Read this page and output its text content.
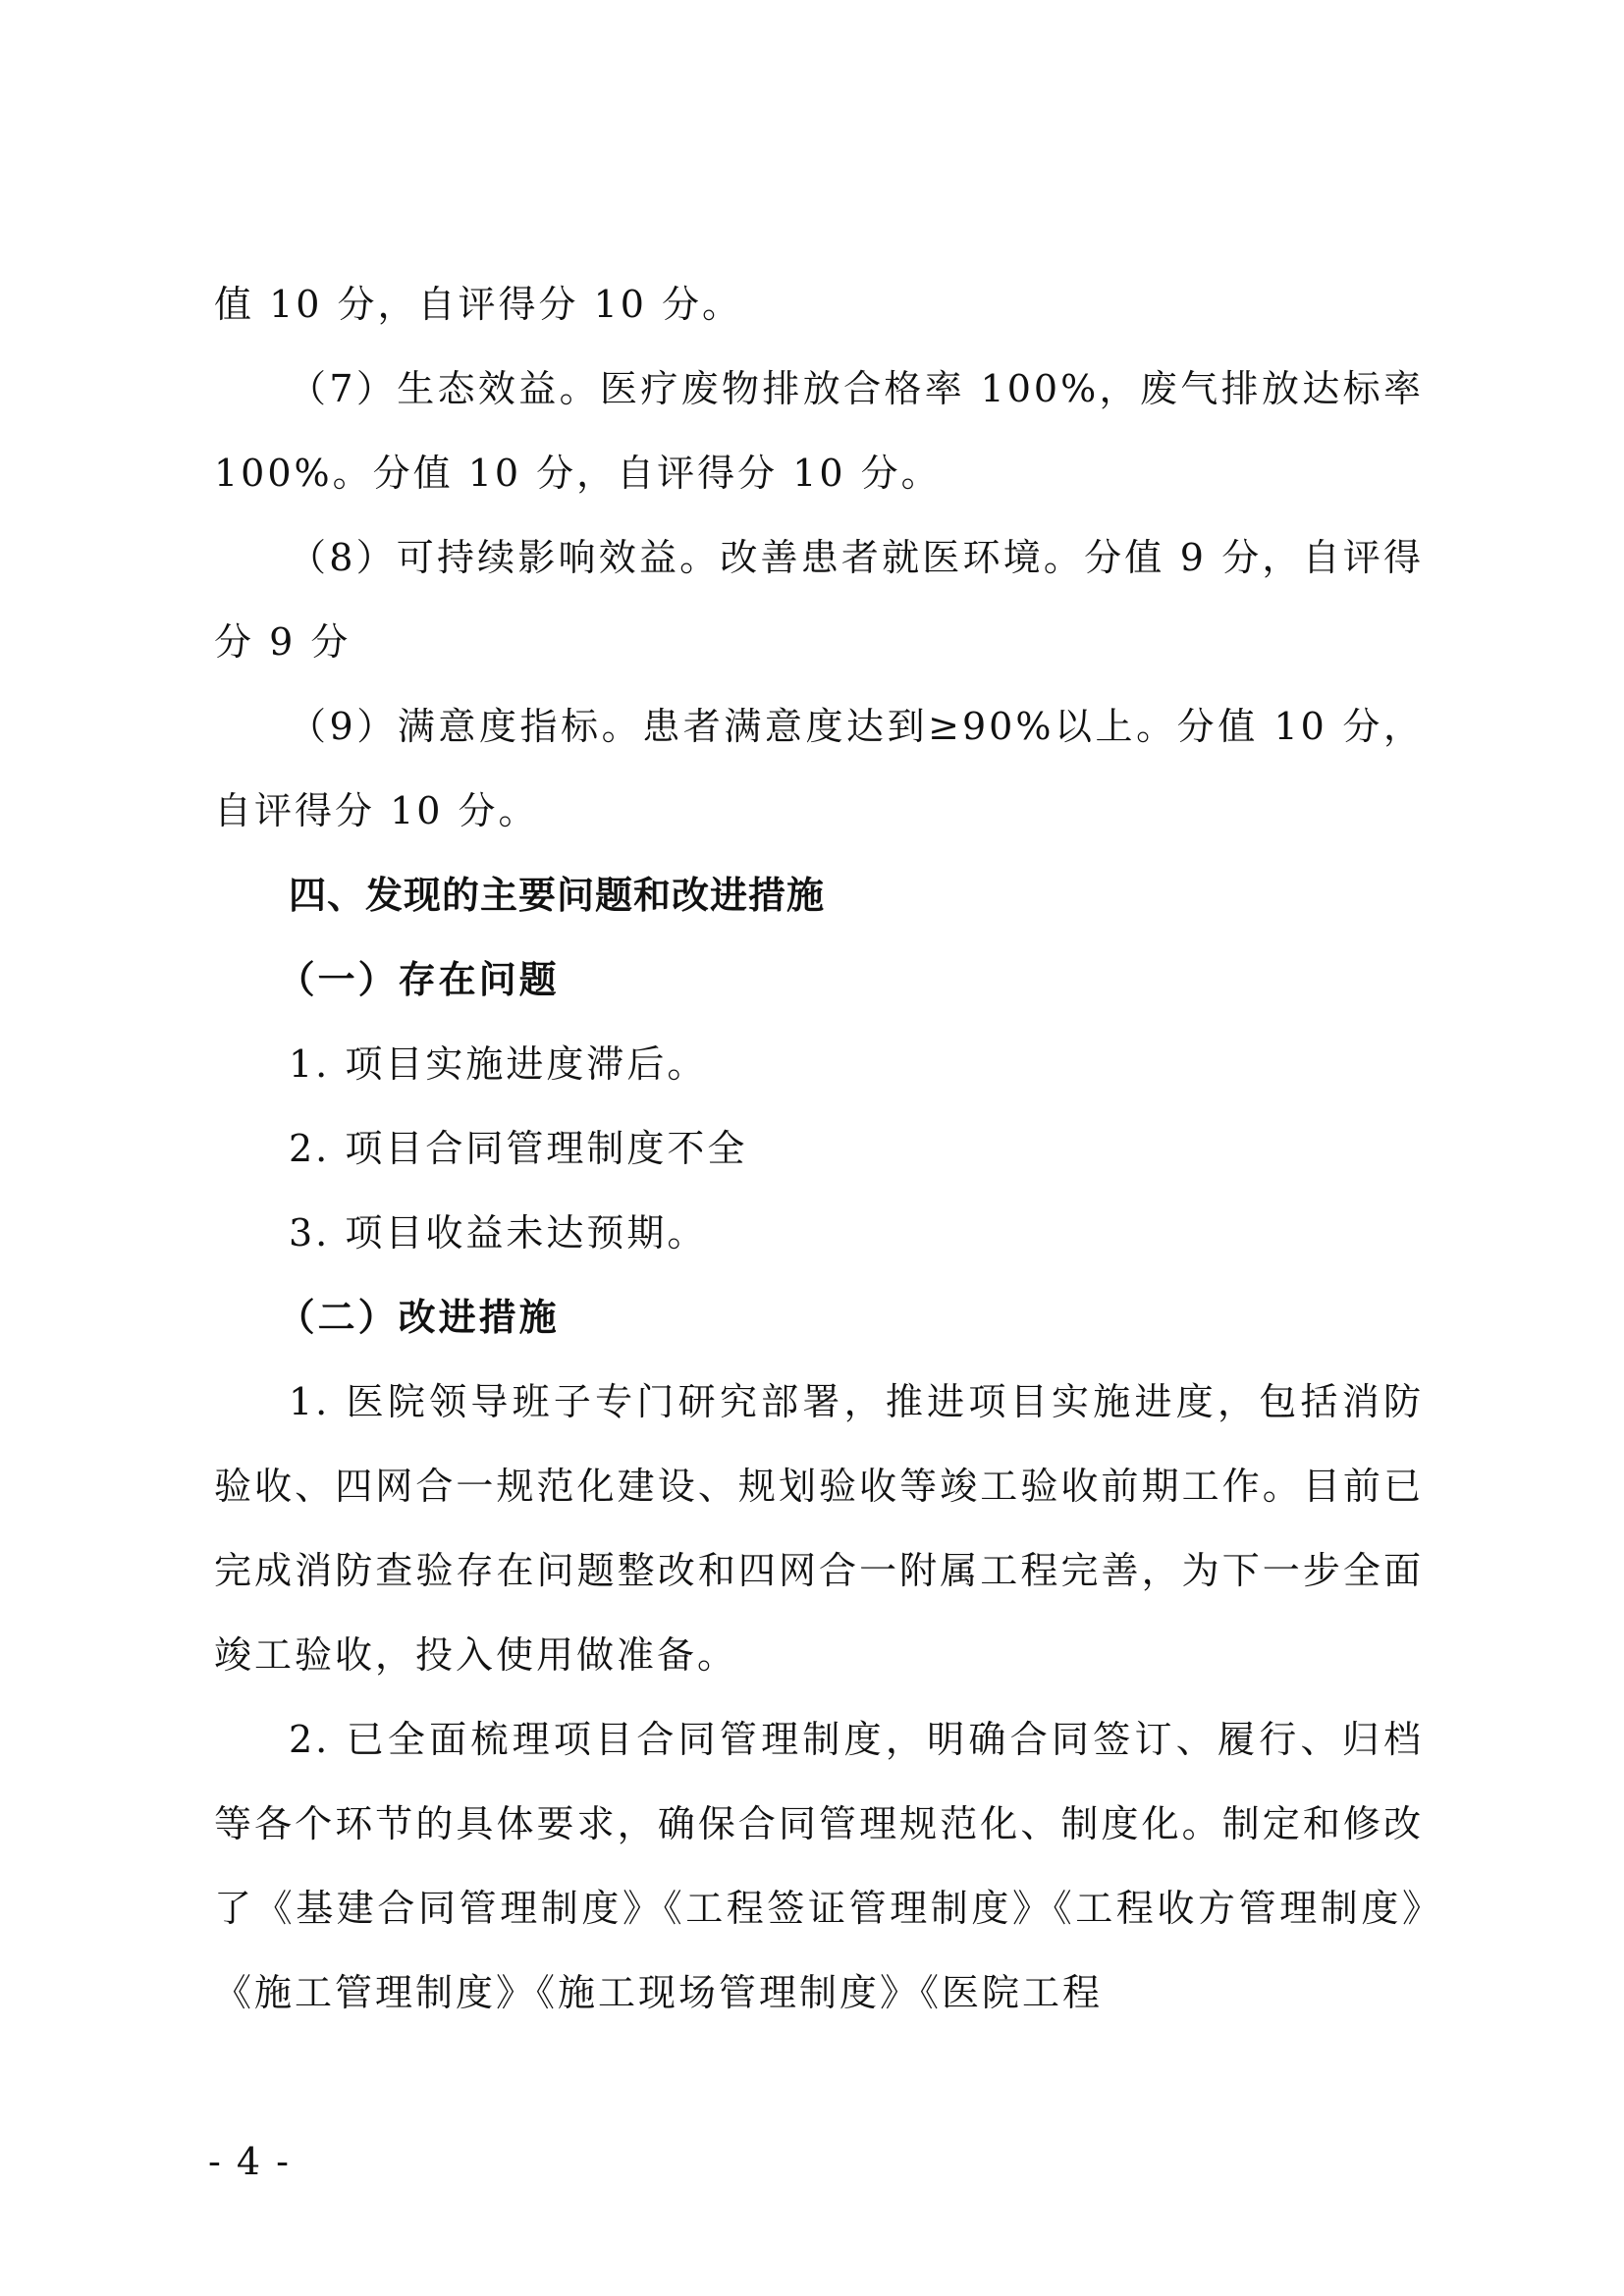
值 10 分，自评得分 10 分。

（7）生态效益。医疗废物排放合格率 100%，废气排放达标率 100%。分值 10 分，自评得分 10 分。

（8）可持续影响效益。改善患者就医环境。分值 9 分，自评得分 9 分

（9）满意度指标。患者满意度达到≥90%以上。分值 10 分，自评得分 10 分。

四、发现的主要问题和改进措施

（一）存在问题

1. 项目实施进度滞后。

2. 项目合同管理制度不全

3. 项目收益未达预期。

（二）改进措施

1. 医院领导班子专门研究部署，推进项目实施进度，包括消防验收、四网合一规范化建设、规划验收等竣工验收前期工作。目前已完成消防查验存在问题整改和四网合一附属工程完善，为下一步全面竣工验收，投入使用做准备。

2. 已全面梳理项目合同管理制度，明确合同签订、履行、归档等各个环节的具体要求，确保合同管理规范化、制度化。制定和修改了《基建合同管理制度》《工程签证管理制度》《工程收方管理制度》《施工管理制度》《施工现场管理制度》《医院工程

- 4 -
